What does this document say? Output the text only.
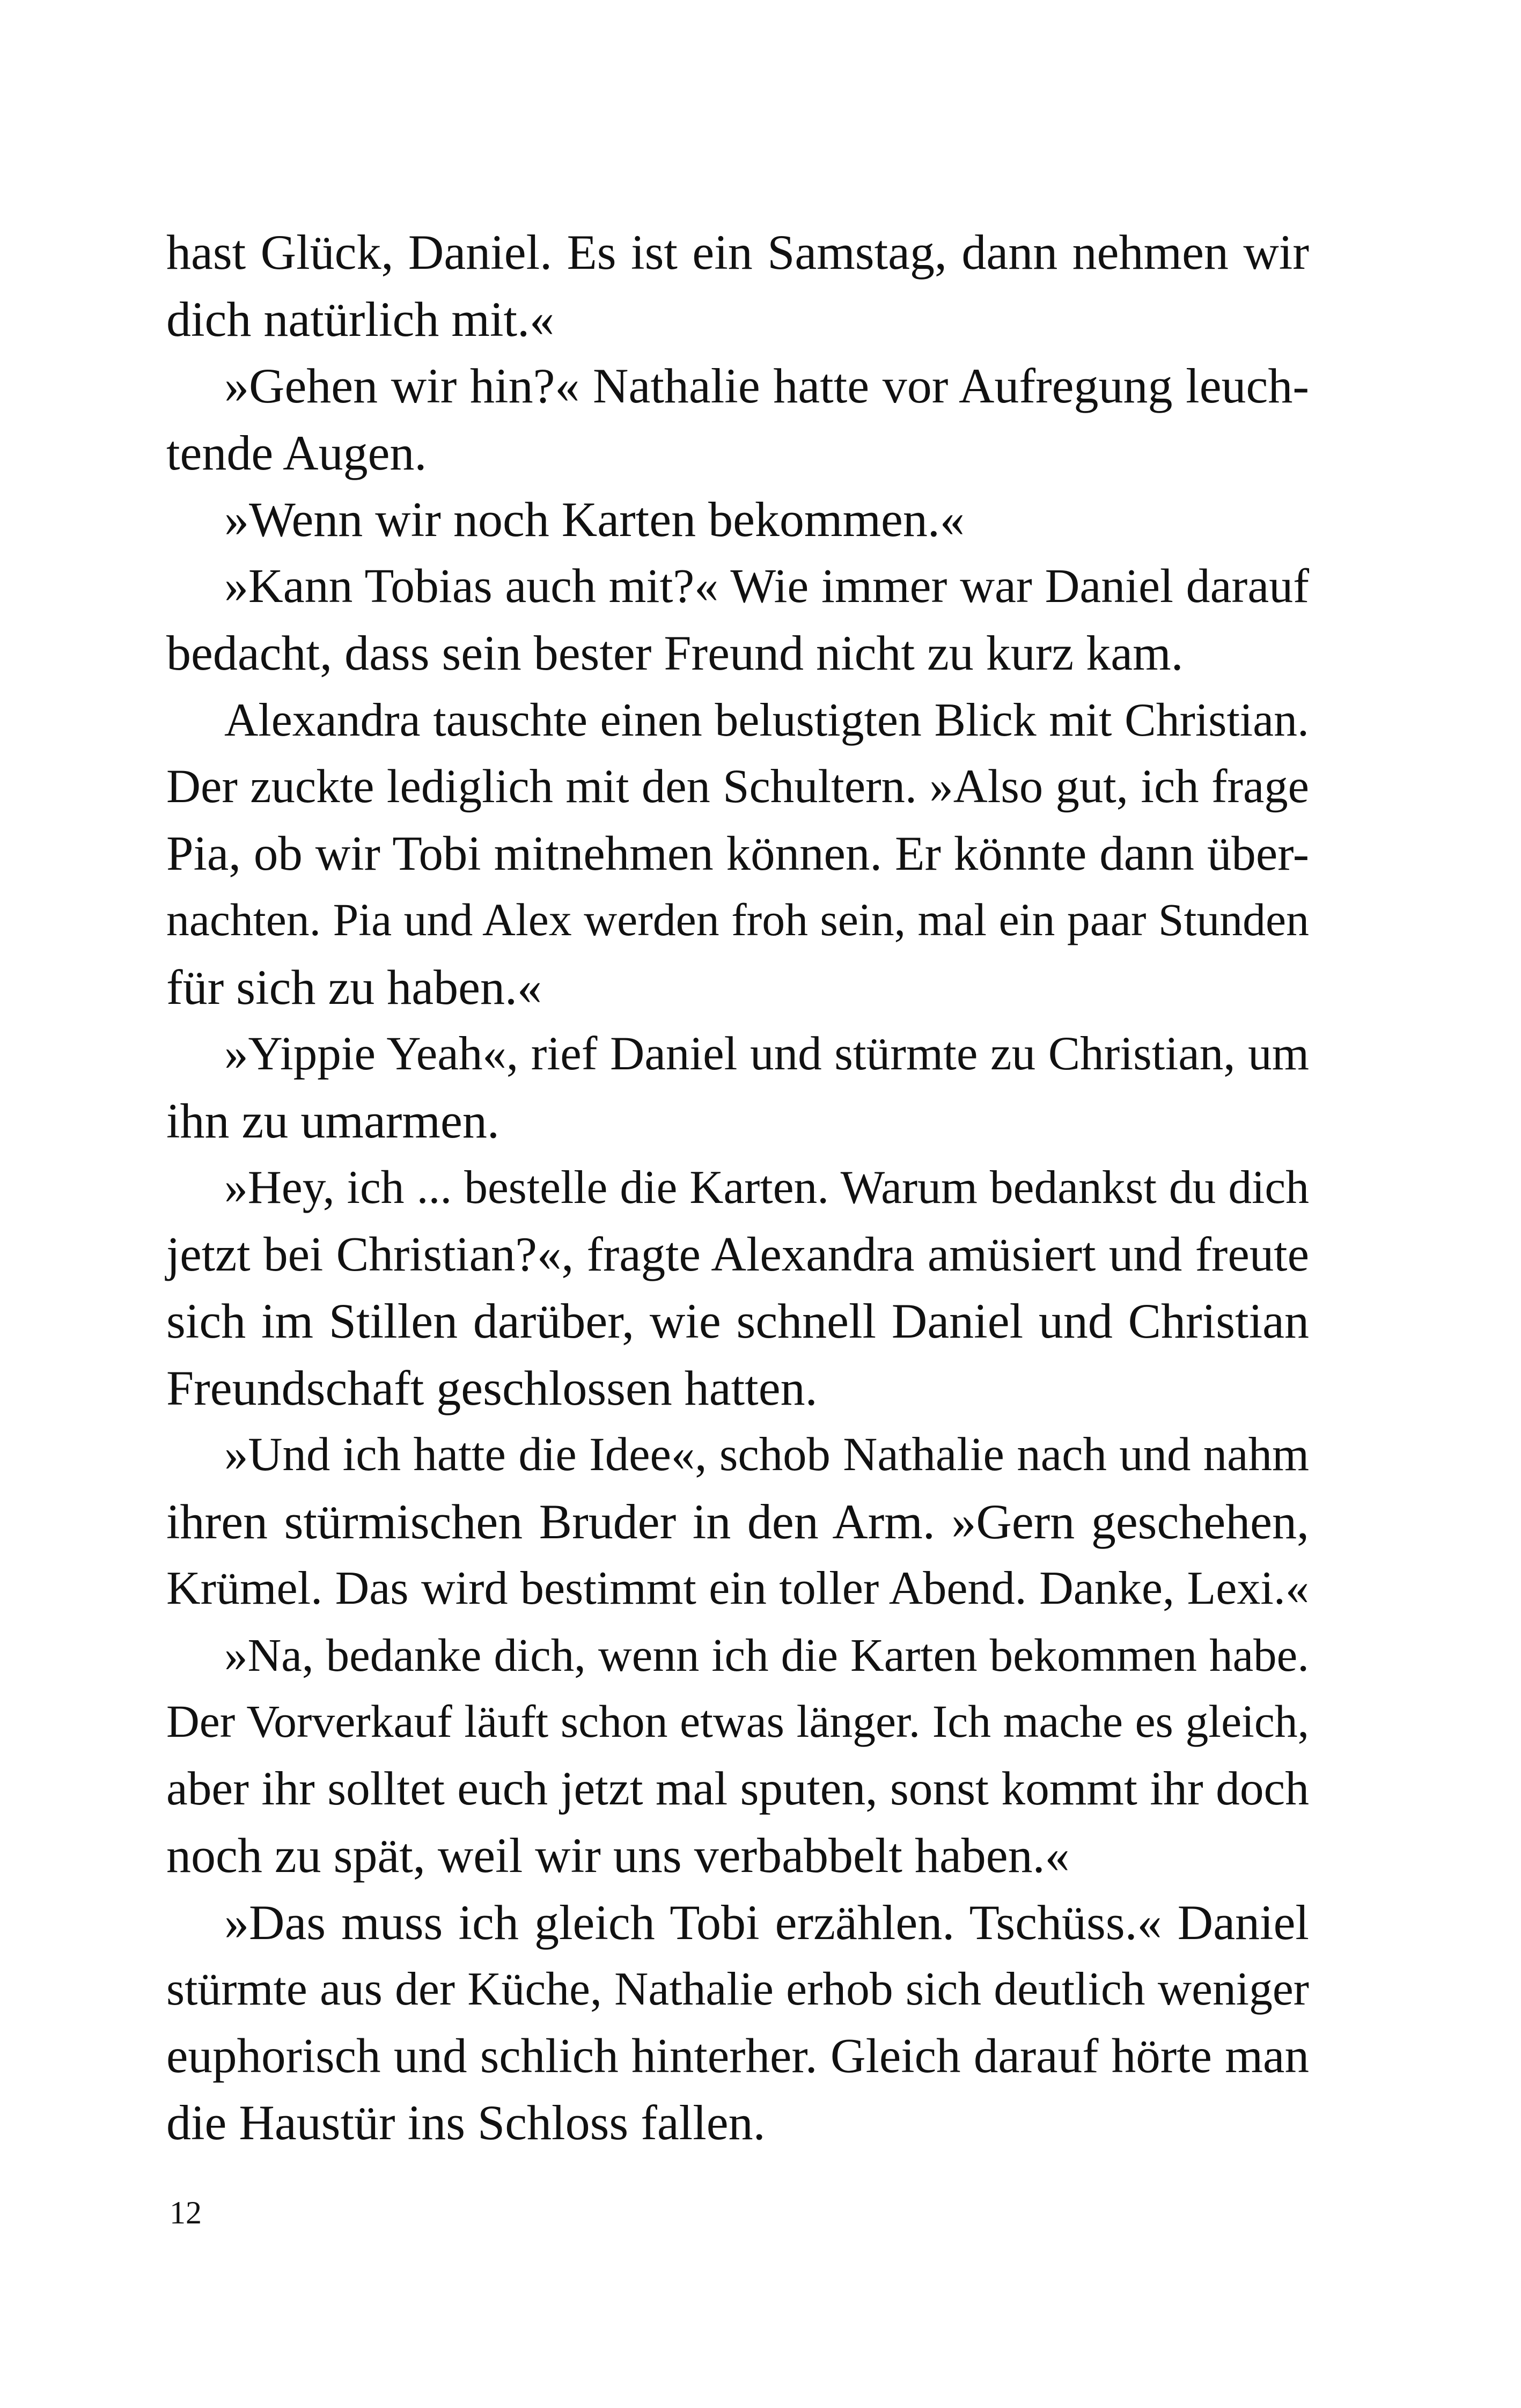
hast Glück, Daniel. Es ist ein Samstag, dann nehmen wir
dich natürlich mit.«
»Gehen wir hin?« Nathalie hatte vor Aufregung leuch-
tende Augen.
»Wenn wir noch Karten bekommen.«
»Kann Tobias auch mit?« Wie immer war Daniel darauf
bedacht, dass sein bester Freund nicht zu kurz kam.
Alexandra tauschte einen belustigten Blick mit Christian.
Der zuckte lediglich mit den Schultern. »Also gut, ich frage
Pia, ob wir Tobi mitnehmen können. Er könnte dann über-
nachten. Pia und Alex werden froh sein, mal ein paar Stunden
für sich zu haben.«
»Yippie Yeah«, rief Daniel und stürmte zu Christian, um
ihn zu umarmen.
»Hey, ich ... bestelle die Karten. Warum bedankst du dich
jetzt bei Christian?«, fragte Alexandra amüsiert und freute
sich im Stillen darüber, wie schnell Daniel und Christian
Freundschaft geschlossen hatten.
»Und ich hatte die Idee«, schob Nathalie nach und nahm
ihren stürmischen Bruder in den Arm. »Gern geschehen,
Krümel. Das wird bestimmt ein toller Abend. Danke, Lexi.«
»Na, bedanke dich, wenn ich die Karten bekommen habe.
Der Vorverkauf läuft schon etwas länger. Ich mache es gleich,
aber ihr solltet euch jetzt mal sputen, sonst kommt ihr doch
noch zu spät, weil wir uns verbabbelt haben.«
»Das muss ich gleich Tobi erzählen. Tschüss.« Daniel
stürmte aus der Küche, Nathalie erhob sich deutlich weniger
euphorisch und schlich hinterher. Gleich darauf hörte man
die Haustür ins Schloss fallen.
12
